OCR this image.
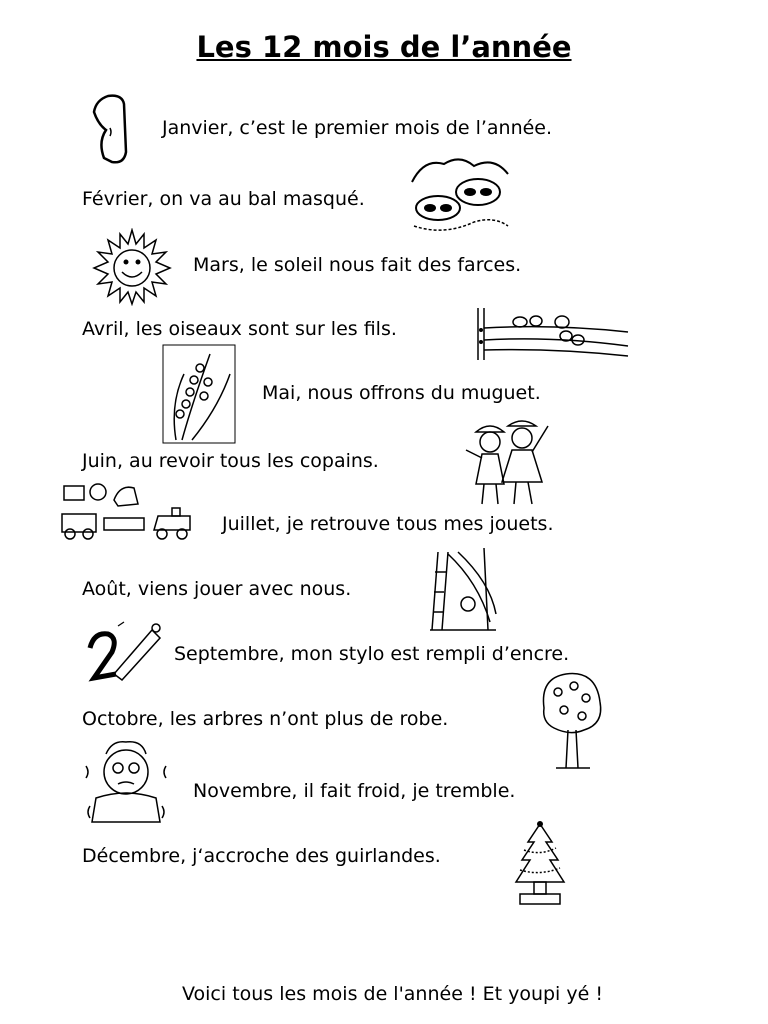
Les 12 mois de l’année
Janvier, c’est le premier mois de l’année.
Février, on va au bal masqué.
Mars, le soleil nous fait des farces.
Avril, les oiseaux sont sur les fils.
Mai, nous offrons du muguet.
Juin, au revoir tous les copains.
Juillet, je retrouve tous mes jouets.
Août, viens jouer avec nous.
Septembre, mon stylo est rempli d’encre.
Octobre, les arbres n’ont plus de robe.
Novembre, il fait froid, je tremble.
Décembre, j‘accroche des guirlandes.
Voici tous les mois de l'année ! Et youpi yé !
